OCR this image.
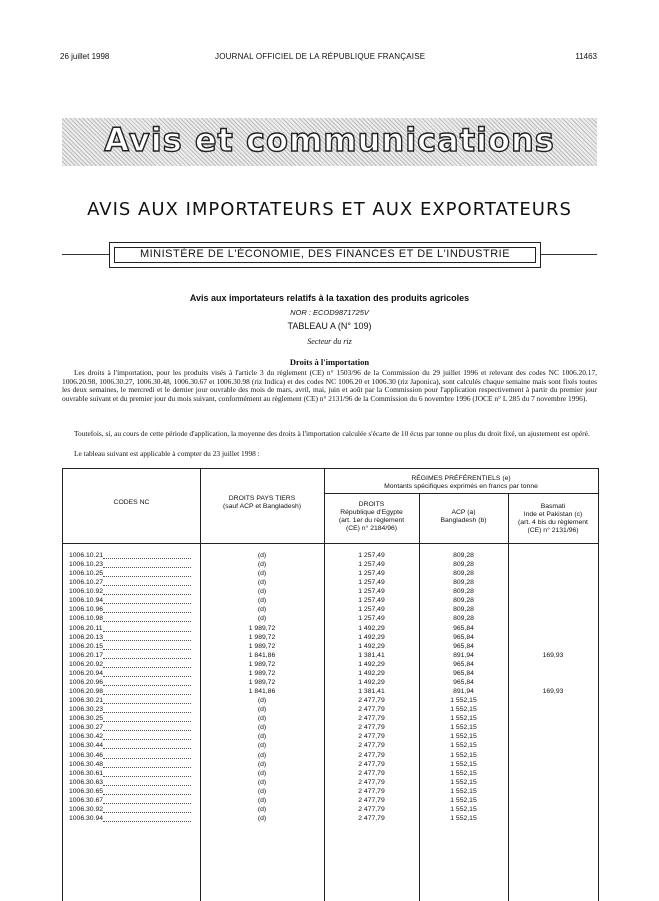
26 juillet 1998	JOURNAL OFFICIEL DE LA RÉPUBLIQUE FRANÇAISE	11463
Avis et communications
AVIS AUX IMPORTATEURS ET AUX EXPORTATEURS
MINISTÈRE DE L'ÉCONOMIE, DES FINANCES ET DE L'INDUSTRIE
Avis aux importateurs relatifs à la taxation des produits agricoles
NOR : ECOD9871725V
TABLEAU A (N° 109)
Secteur du riz
Droits à l'importation
Les droits à l'importation, pour les produits visés à l'article 3 du règlement (CE) n° 1503/96 de la Commission du 29 juillet 1996 et relevant des codes NC 1006.20.17, 1006.20.98, 1006.30.27, 1006.30.48, 1006.30.67 et 1006.30.98 (riz Indica) et des codes NC 1006.20 et 1006.30 (riz Japonica), sont calculés chaque semaine mais sont fixés toutes les deux semaines, le mercredi et le dernier jour ouvrable des mois de mars, avril, mai, juin et août par la Commission pour l'application respectivement à partir du premier jour ouvrable suivant et du premier jour du mois suivant, conformément au règlement (CE) n° 2131/96 de la Commission du 6 novembre 1996 (JOCE n° L 285 du 7 novembre 1996).
Toutefois, si, au cours de cette période d'application, la moyenne des droits à l'importation calculée s'écarte de 10 écus par tonne ou plus du droit fixé, un ajustement est opéré.
Le tableau suivant est applicable à compter du 23 juillet 1998 :
CODES NC
DROITS PAYS TIERS
(sauf ACP et Bangladesh)
RÉGIMES PRÉFÉRENTIELS (e)
Montants spécifiques exprimés en francs par tonne
DROITS
République d'Egypte
(art. 1er du règlement
(CE) n° 2184/96)
ACP (a)
Bangladesh (b)
Basmati
Inde et Pakistan (c)
(art. 4 bis du règlement
(CE) n° 2131/96)
1006.10.21	(d)	1 257,49	809,28
1006.10.23	(d)	1 257,49	809,28
1006.10.25	(d)	1 257,49	809,28
1006.10.27	(d)	1 257,49	809,28
1006.10.92	(d)	1 257,49	809,28
1006.10.94	(d)	1 257,49	809,28
1006.10.96	(d)	1 257,49	809,28
1006.10.98	(d)	1 257,49	809,28
1006.20.11	1 989,72	1 492,29	965,84
1006.20.13	1 989,72	1 492,29	965,84
1006.20.15	1 989,72	1 492,29	965,84
1006.20.17	1 841,86	1 381,41	891,94	169,93
1006.20.92	1 989,72	1 492,29	965,84
1006.20.94	1 989,72	1 492,29	965,84
1006.20.96	1 989,72	1 492,29	965,84
1006.20.98	1 841,86	1 381,41	891,94	169,93
1006.30.21	(d)	2 477,79	1 552,15
1006.30.23	(d)	2 477,79	1 552,15
1006.30.25	(d)	2 477,79	1 552,15
1006.30.27	(d)	2 477,79	1 552,15
1006.30.42	(d)	2 477,79	1 552,15
1006.30.44	(d)	2 477,79	1 552,15
1006.30.46	(d)	2 477,79	1 552,15
1006.30.48	(d)	2 477,79	1 552,15
1006.30.61	(d)	2 477,79	1 552,15
1006.30.63	(d)	2 477,79	1 552,15
1006.30.65	(d)	2 477,79	1 552,15
1006.30.67	(d)	2 477,79	1 552,15
1006.30.92	(d)	2 477,79	1 552,15
1006.30.94	(d)	2 477,79	1 552,15
